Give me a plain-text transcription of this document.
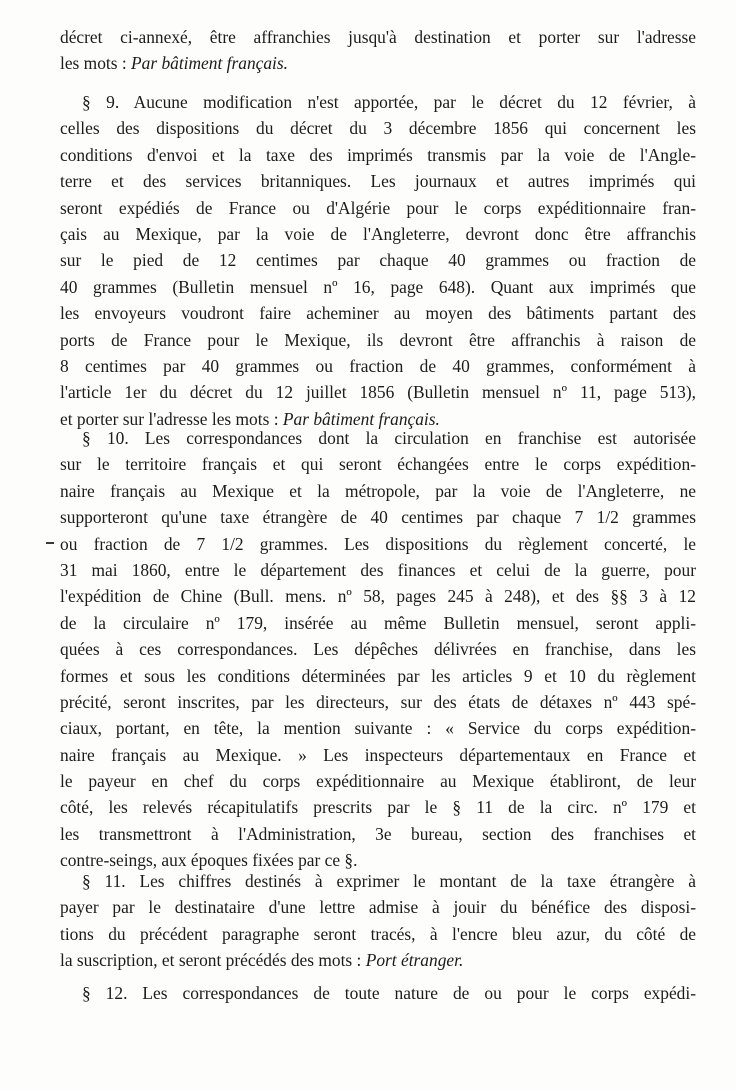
décret ci-annexé, être affranchies jusqu'à destination et porter sur l'adresse
les mots : Par bâtiment français.
§ 9. Aucune modification n'est apportée, par le décret du 12 février, à
celles des dispositions du décret du 3 décembre 1856 qui concernent les
conditions d'envoi et la taxe des imprimés transmis par la voie de l'Angle-
terre et des services britanniques. Les journaux et autres imprimés qui
seront expédiés de France ou d'Algérie pour le corps expéditionnaire fran-
çais au Mexique, par la voie de l'Angleterre, devront donc être affranchis
sur le pied de 12 centimes par chaque 40 grammes ou fraction de
40 grammes (Bulletin mensuel nº 16, page 648). Quant aux imprimés que
les envoyeurs voudront faire acheminer au moyen des bâtiments partant des
ports de France pour le Mexique, ils devront être affranchis à raison de
8 centimes par 40 grammes ou fraction de 40 grammes, conformément à
l'article 1er du décret du 12 juillet 1856 (Bulletin mensuel nº 11, page 513),
et porter sur l'adresse les mots : Par bâtiment français.
§ 10. Les correspondances dont la circulation en franchise est autorisée
sur le territoire français et qui seront échangées entre le corps expédition-
naire français au Mexique et la métropole, par la voie de l'Angleterre, ne
supporteront qu'une taxe étrangère de 40 centimes par chaque 7 1/2 grammes
ou fraction de 7 1/2 grammes. Les dispositions du règlement concerté, le
31 mai 1860, entre le département des finances et celui de la guerre, pour
l'expédition de Chine (Bull. mens. nº 58, pages 245 à 248), et des §§ 3 à 12
de la circulaire nº 179, insérée au même Bulletin mensuel, seront appli-
quées à ces correspondances. Les dépêches délivrées en franchise, dans les
formes et sous les conditions déterminées par les articles 9 et 10 du règlement
précité, seront inscrites, par les directeurs, sur des états de détaxes nº 443 spé-
ciaux, portant, en tête, la mention suivante : « Service du corps expédition-
naire français au Mexique. » Les inspecteurs départementaux en France et
le payeur en chef du corps expéditionnaire au Mexique établiront, de leur
côté, les relevés récapitulatifs prescrits par le § 11 de la circ. nº 179 et
les transmettront à l'Administration, 3e bureau, section des franchises et
contre-seings, aux époques fixées par ce §.
§ 11. Les chiffres destinés à exprimer le montant de la taxe étrangère à
payer par le destinataire d'une lettre admise à jouir du bénéfice des disposi-
tions du précédent paragraphe seront tracés, à l'encre bleu azur, du côté de
la suscription, et seront précédés des mots : Port étranger.
§ 12. Les correspondances de toute nature de ou pour le corps expédi-
